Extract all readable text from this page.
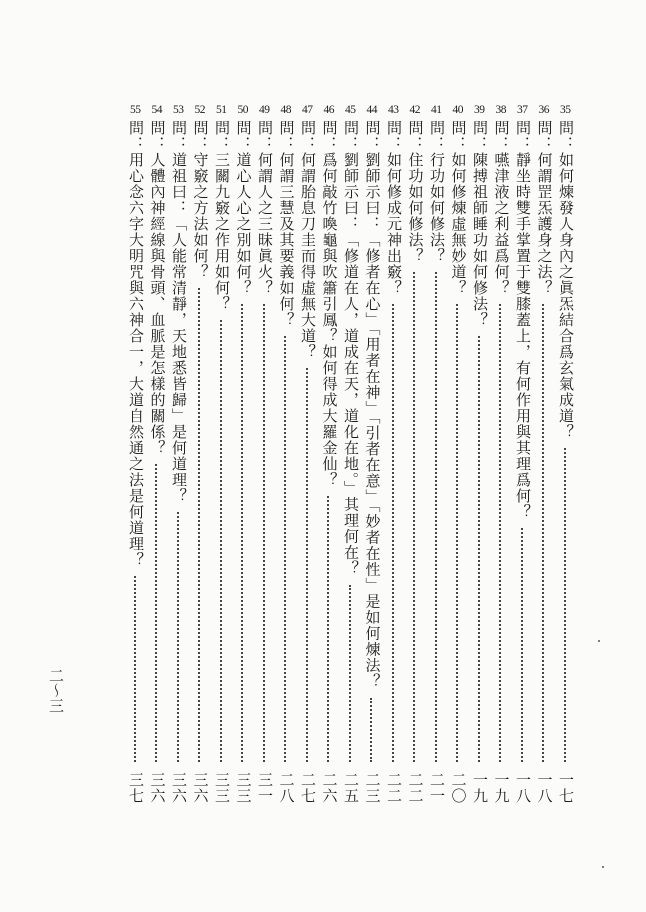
35
問：如何煉發人身內之眞炁結合爲玄氣成道？
一七
36
問：何謂罡炁護身之法？
一八
37
問：靜坐時雙手掌置于雙膝蓋上，有何作用與其理爲何？
一八
38
問：嚥津液之利益爲何？
一九
39
問：陳搏祖師睡功如何修法？
一九
40
問：如何修煉虛無妙道？
二〇
41
問：行功如何修法？
二一
42
問：住功如何修法？
二二
43
問：如何修成元神出竅？
二二
44
問：劉師示曰：「修者在心」「用者在神」「引者在意」「妙者在性」是如何煉法？
二三
45
問：劉師示曰：「修道在人，道成在天，道化在地。」其理何在？
二五
46
問：爲何敲竹喚龜與吹簫引鳳？如何得成大羅金仙？
二六
47
問：何謂胎息刀圭而得虛無大道？
二七
48
問：何謂三慧及其要義如何？
二八
49
問：何謂人之三昧眞火？
三一
50
問：道心人心之別如何？
三三
51
問：三關九竅之作用如何？
三三
52
問：守竅之方法如何？
三六
53
問：道祖曰：「人能常清靜，天地悉皆歸」是何道理？
三六
54
問：人體內神經線與骨頭、血脈是怎樣的關係？
三六
55
問：用心念六字大明咒與六神合一，大道自然通之法是何道理？
三七
二〜三
